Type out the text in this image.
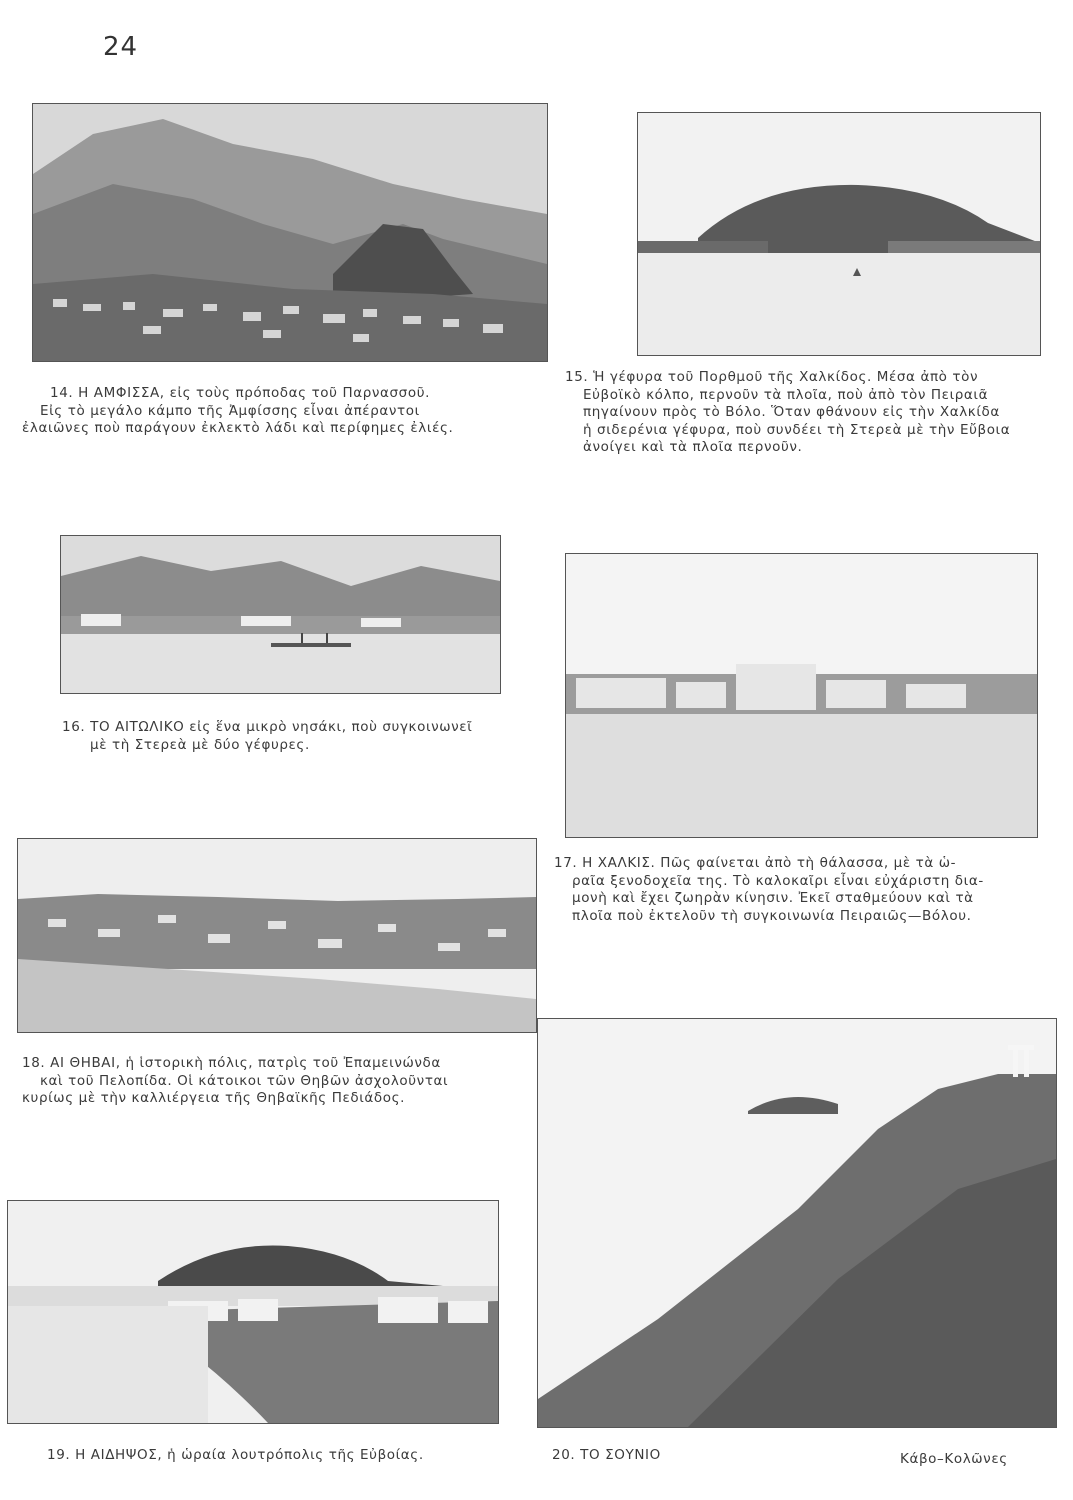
24

14. Η ΑΜΦΙΣΣΑ, εἰς τοὺς πρόποδας τοῦ Παρνασσοῦ.
Εἰς τὸ μεγάλο κάμπο τῆς Ἀμφίσσης εἶναι ἀπέραντοι
ἐλαιῶνες ποὺ παράγουν ἐκλεκτὸ λάδι καὶ περίφημες ἐλιές.

15. Ἡ γέφυρα τοῦ Πορθμοῦ τῆς Χαλκίδος. Μέσα ἀπὸ τὸν
Εὐβοϊκὸ κόλπο, περνοῦν τὰ πλοῖα, ποὺ ἀπὸ τὸν Πειραιᾶ
πηγαίνουν πρὸς τὸ Βόλο. Ὅταν φθάνουν εἰς τὴν Χαλκίδα
ἡ σιδερένια γέφυρα, ποὺ συνδέει τὴ Στερεὰ μὲ τὴν Εὔβοια
ἀνοίγει καὶ τὰ πλοῖα περνοῦν.

16. ΤΟ ΑΙΤΩΛΙΚΟ εἰς ἕνα μικρὸ νησάκι, ποὺ συγκοινωνεῖ
μὲ τὴ Στερεὰ μὲ δύο γέφυρες.

17. Η ΧΑΛΚΙΣ. Πῶς φαίνεται ἀπὸ τὴ θάλασσα, μὲ τὰ ὡ-
ραῖα ξενοδοχεῖα της. Τὸ καλοκαῖρι εἶναι εὐχάριστη δια-
μονὴ καὶ ἔχει ζωηρὰν κίνησιν. Ἐκεῖ σταθμεύουν καὶ τὰ
πλοῖα ποὺ ἐκτελοῦν τὴ συγκοινωνία Πειραιῶς—Βόλου.

18. ΑΙ ΘΗΒΑΙ, ἡ ἱστορικὴ πόλις, πατρὶς τοῦ Ἐπαμεινώνδα
καὶ τοῦ Πελοπίδα. Οἱ κάτοικοι τῶν Θηβῶν ἀσχολοῦνται
κυρίως μὲ τὴν καλλιέργεια τῆς Θηβαϊκῆς Πεδιάδος.

19. Η ΑΙΔΗΨΟΣ, ἡ ὡραία λουτρόπολις τῆς Εὐβοίας.	20. ΤΟ ΣΟΥΝΙΟ	Κάβο–Κολῶνες
